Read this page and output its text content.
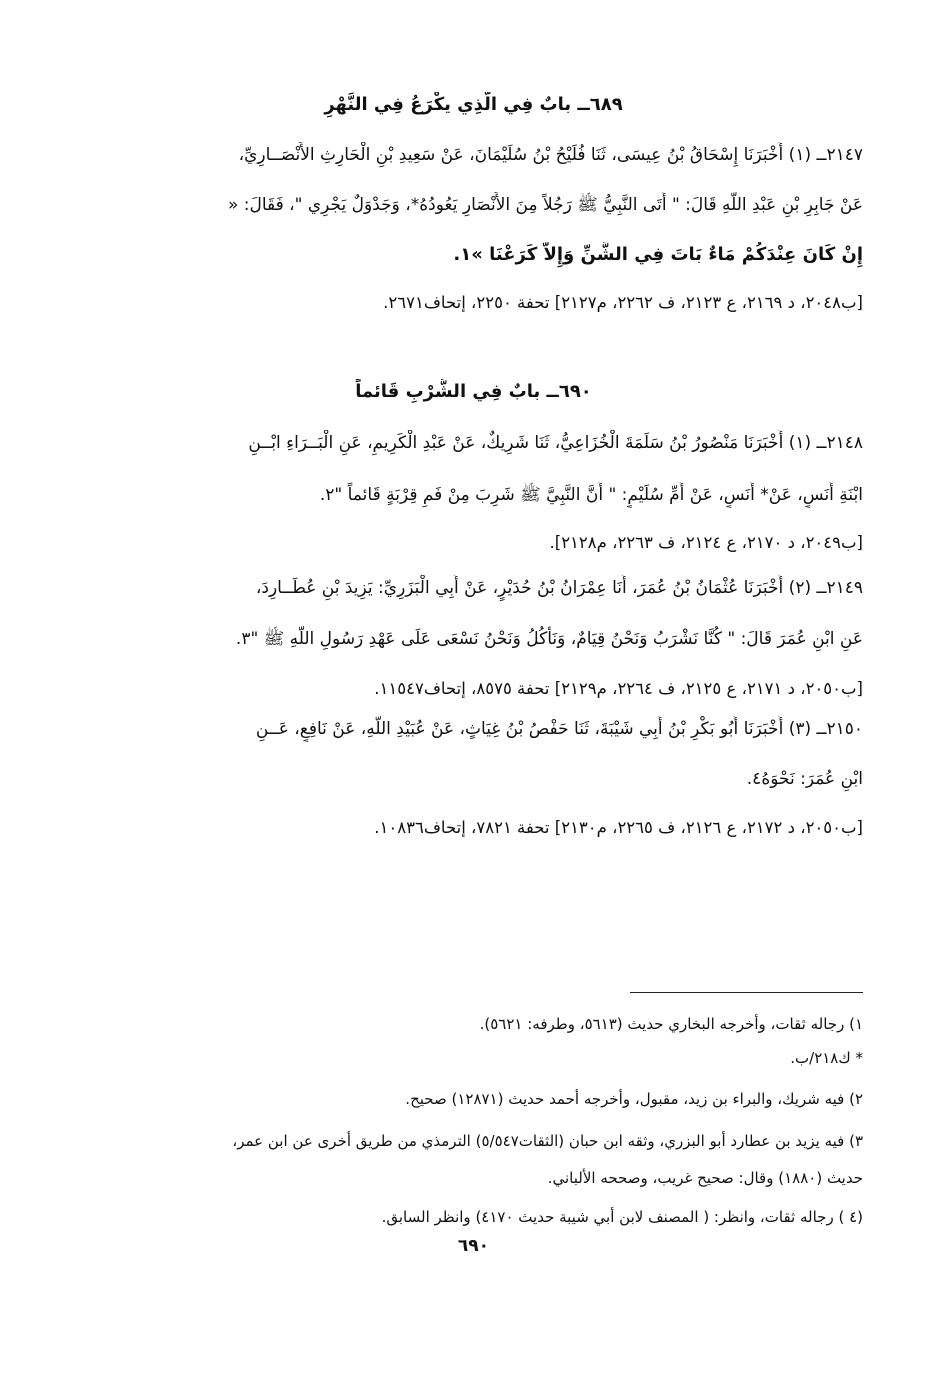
٦٨٩ــ بابٌ فِي الَّذِي يكْرَعُ فِي النَّهْرِ
٢١٤٧ــ (١) أَخْبَرَنَا إِسْحَاقُ بْنُ عِيسَى، ثَنَا فُلَيْحُ بْنُ سُلَيْمَانَ، عَنْ سَعِيدِ بْنِ الْحَارِثِ الأَنْصَــارِيِّ،
عَنْ جَابِرِ بْنِ عَبْدِ اللَّهِ قَالَ: " أَتَى النَّبِيُّ ﷺ رَجُلاً مِنَ الأَنْصَارِ يَعُودُهُ*، وَجَدْوَلٌ يَجْرِي "، فَقَالَ: «
إِنْ كَانَ عِنْدَكُمْ مَاءٌ بَاتَ فِي الشَّنِّ وَإِلاَّ كَرَعْنَا »١.
[ب٢٠٤٨، د ٢١٦٩، ع ٢١٢٣، ف ٢٢٦٢، م٢١٢٧] تحفة ٢٢٥٠، إتحاف٢٦٧١.
٦٩٠ــ بابٌ فِي الشُّرْبِ قَائماً
٢١٤٨ــ (١) أَخْبَرَنَا مَنْصُورُ بْنُ سَلَمَةَ الْخُزَاعِيُّ، ثَنَا شَرِيكٌ، عَنْ عَبْدِ الْكَرِيمِ، عَنِ الْبَــرَاءِ ابْــنِ
ابْنَةِ أَنَسٍ، عَنْ* أَنَسٍ، عَنْ أُمِّ سُلَيْمٍ: " أَنَّ النَّبِيَّ ﷺ شَرِبَ مِنْ فَمِ قِرْبَةٍ قَائماً "٢.
[ب٢٠٤٩، د ٢١٧٠، ع ٢١٢٤، ف ٢٢٦٣، م٢١٢٨].
٢١٤٩ــ (٢) أَخْبَرَنَا عُثْمَانُ بْنُ عُمَرَ، أَنَا عِمْرَانُ بْنُ حُدَيْرٍ، عَنْ أَبِي الْبَزَرِيِّ: يَزِيدَ بْنِ عُطَــارِدَ،
عَنِ ابْنِ عُمَرَ قَالَ: " كُنَّا نَشْرَبُ وَنَحْنُ قِيَامٌ، وَنَأْكُلُ وَنَحْنُ نَسْعَى عَلَى عَهْدِ رَسُولِ اللَّهِ ﷺ "٣.
[ب٢٠٥٠، د ٢١٧١، ع ٢١٢٥، ف ٢٢٦٤، م٢١٢٩] تحفة ٨٥٧٥، إتحاف١١٥٤٧.
٢١٥٠ــ (٣) أَخْبَرَنَا أَبُو بَكْرِ بْنُ أَبِي شَيْبَةَ، ثَنَا حَفْصُ بْنُ غِيَاثٍ، عَنْ عُبَيْدِ اللَّهِ، عَنْ نَافِعٍ، عَــنِ
ابْنِ عُمَرَ: نَحْوَهُ٤.
[ب٢٠٥٠، د ٢١٧٢، ع ٢١٢٦، ف ٢٢٦٥، م٢١٣٠] تحفة ٧٨٢١، إتحاف١٠٨٣٦.
١) رجاله ثقات، وأخرجه البخاري حديث (٥٦١٣، وطرفه: ٥٦٢١).
* ك٢١٨/ب.
٢) فيه شريك، والبراء بن زيد، مقبول، وأخرجه أحمد حديث (١٢٨٧١) صحيح.
٣) فيه يزيد بن عطارد أبو البزري، وثقه ابن حبان (الثقات٥/٥٤٧) الترمذي من طريق أخرى عن ابن عمر،
حديث (١٨٨٠) وقال: صحيح غريب، وصححه الألباني.
(٤ ) رجاله ثقات، وانظر: ( المصنف لابن أبي شيبة حديث ٤١٧٠) وانظر السابق.
٦٩٠
